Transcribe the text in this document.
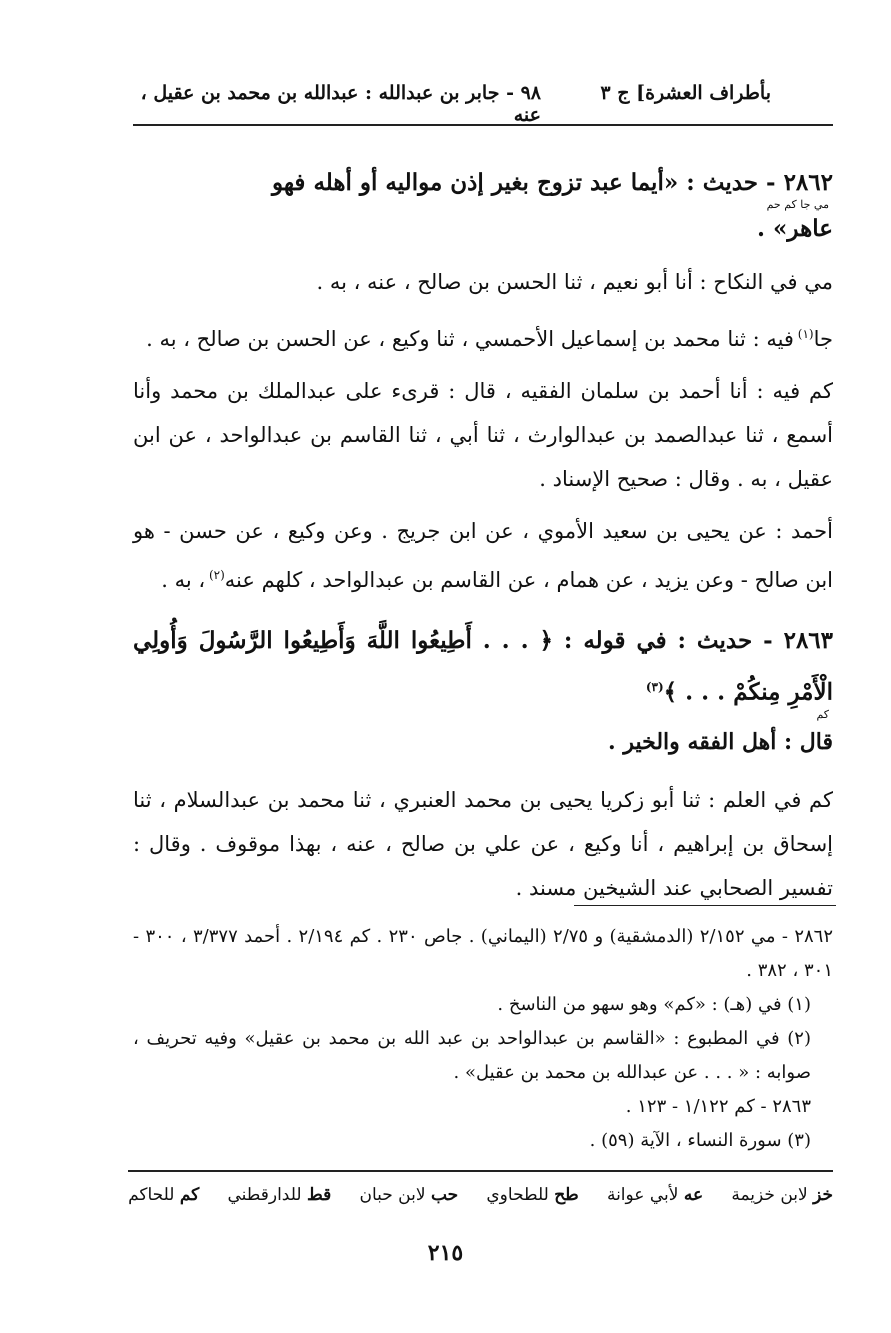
بأطراف العشرة] ج ٣
٩٨ - جابر بن عبدالله : عبدالله بن محمد بن عقيل ، عنه

٢٨٦٢ - حديث : «أيما عبد تزوج بغير إذن مواليه أو أهله فهو

مي جا كم حم

عاهر» .

مي في النكاح : أنا أبو نعيم ، ثنا الحسن بن صالح ، عنه ، به .

جا$^{(١)}$ فيه : ثنا محمد بن إسماعيل الأحمسي ، ثنا وكيع ، عن الحسن بن صالح ، به .

كم فيه : أنا أحمد بن سلمان الفقيه ، قال : قرىء على عبدالملك بن محمد وأنا أسمع ، ثنا عبدالصمد بن عبدالوارث ، ثنا أبي ، ثنا القاسم بن عبدالواحد ، عن ابن عقيل ، به . وقال : صحيح الإسناد .

أحمد : عن يحيى بن سعيد الأموي ، عن ابن جريج . وعن وكيع ، عن حسن - هو ابن صالح - وعن يزيد ، عن همام ، عن القاسم بن عبدالواحد ، كلهم عنه$^{(٢)}$ ، به .

٢٨٦٣ - حديث : في قوله : ﴿ . . . أَطِيعُوا اللَّهَ وَأَطِيعُوا الرَّسُولَ وَأُولِي الْأَمْرِ مِنكُمْ . . . ﴾$^{(٣)}$

كم

قال : أهل الفقه والخير .

كم في العلم : ثنا أبو زكريا يحيى بن محمد العنبري ، ثنا محمد بن عبدالسلام ، ثنا إسحاق بن إبراهيم ، أنا وكيع ، عن علي بن صالح ، عنه ، بهذا موقوف . وقال : تفسير الصحابي عند الشيخين مسند .

٢٨٦٢ - مي ٢/١٥٢ (الدمشقية) و ٢/٧٥ (اليماني) . جاص ٢٣٠ . كم ٢/١٩٤ . أحمد ٣/٣٧٧ ، ٣٠٠ - ٣٠١ ، ٣٨٢ .

(١) في (هـ) : «كم» وهو سهو من الناسخ .

(٢) في المطبوع : «القاسم بن عبدالواحد بن عبد الله بن محمد بن عقيل» وفيه تحريف ، صوابه : « . . . عن عبدالله بن محمد بن عقيل» .

٢٨٦٣ - كم ١/١٢٢ - ١٢٣ .

(٣) سورة النساء ، الآية (٥٩) .

خز لابن خزيمة
عه لأبي عوانة
طح للطحاوي
حب لابن حبان
قط للدارقطني
كم للحاكم
٢١٥
